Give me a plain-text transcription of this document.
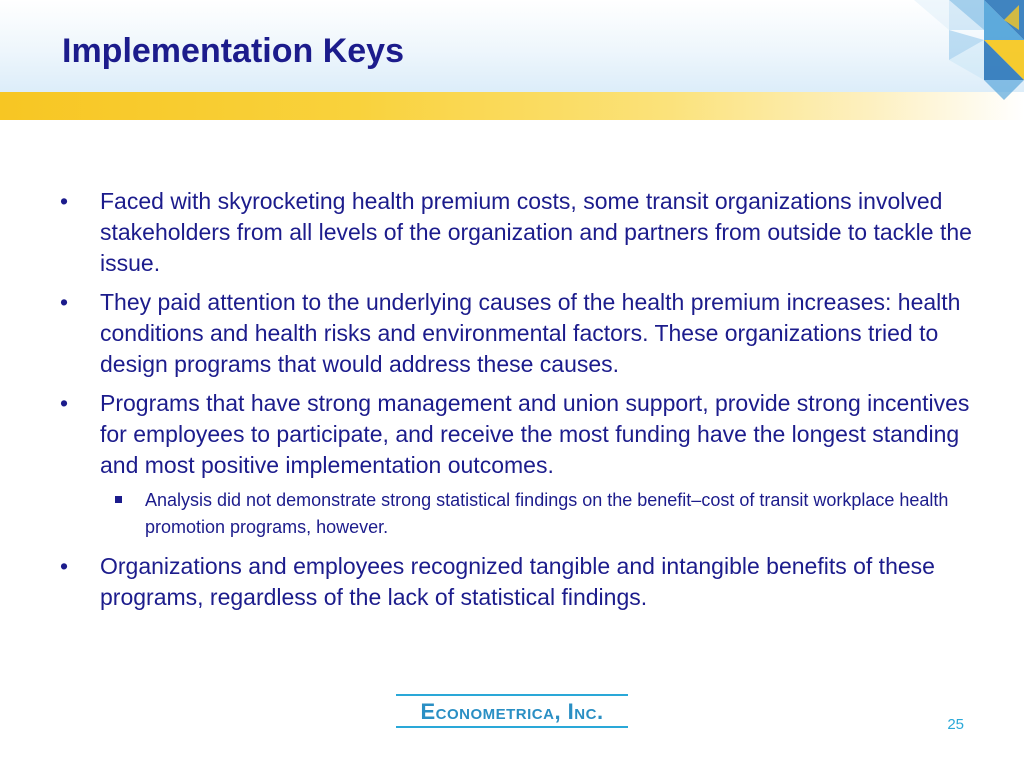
Implementation Keys
• Faced with skyrocketing health premium costs, some transit organizations involved stakeholders from all levels of the organization and partners from outside to tackle the issue.
• They paid attention to the underlying causes of the health premium increases: health conditions and health risks and environmental factors. These organizations tried to design programs that would address these causes.
• Programs that have strong management and union support, provide strong incentives for employees to participate, and receive the most funding have the longest standing and most positive implementation outcomes.
Analysis did not demonstrate strong statistical findings on the benefit–cost of transit workplace health promotion programs, however.
• Organizations and employees recognized tangible and intangible benefits of these programs, regardless of the lack of statistical findings.
Econometrica, Inc.
25
